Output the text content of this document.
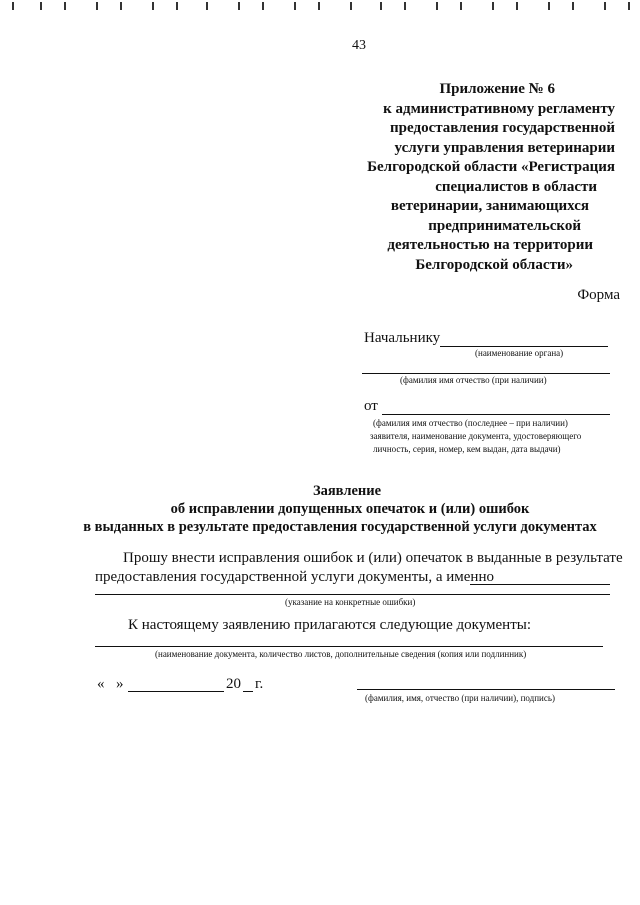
43
Приложение № 6
к административному регламенту
предоставления государственной
услуги управления ветеринарии
Белгородской области «Регистрация
специалистов в области
ветеринарии, занимающихся
предпринимательской
деятельностью на территории
Белгородской области»
Форма
Начальнику
(наименование органа)
(фамилия имя отчество (при наличии)
от
(фамилия имя отчество (последнее – при наличии)
заявителя, наименование документа, удостоверяющего
личность, серия, номер, кем выдан, дата выдачи)
Заявление
об исправлении допущенных опечаток и (или) ошибок
в выданных в результате предоставления государственной услуги документах
Прошу внести исправления ошибок и (или) опечаток в выданные в результате
предоставления государственной услуги документы, а именно
(указание на конкретные ошибки)
К настоящему заявлению прилагаются следующие документы:
(наименование документа, количество листов, дополнительные сведения (копия или подлинник)
« »	20 г.
(фамилия, имя, отчество (при наличии), подпись)
